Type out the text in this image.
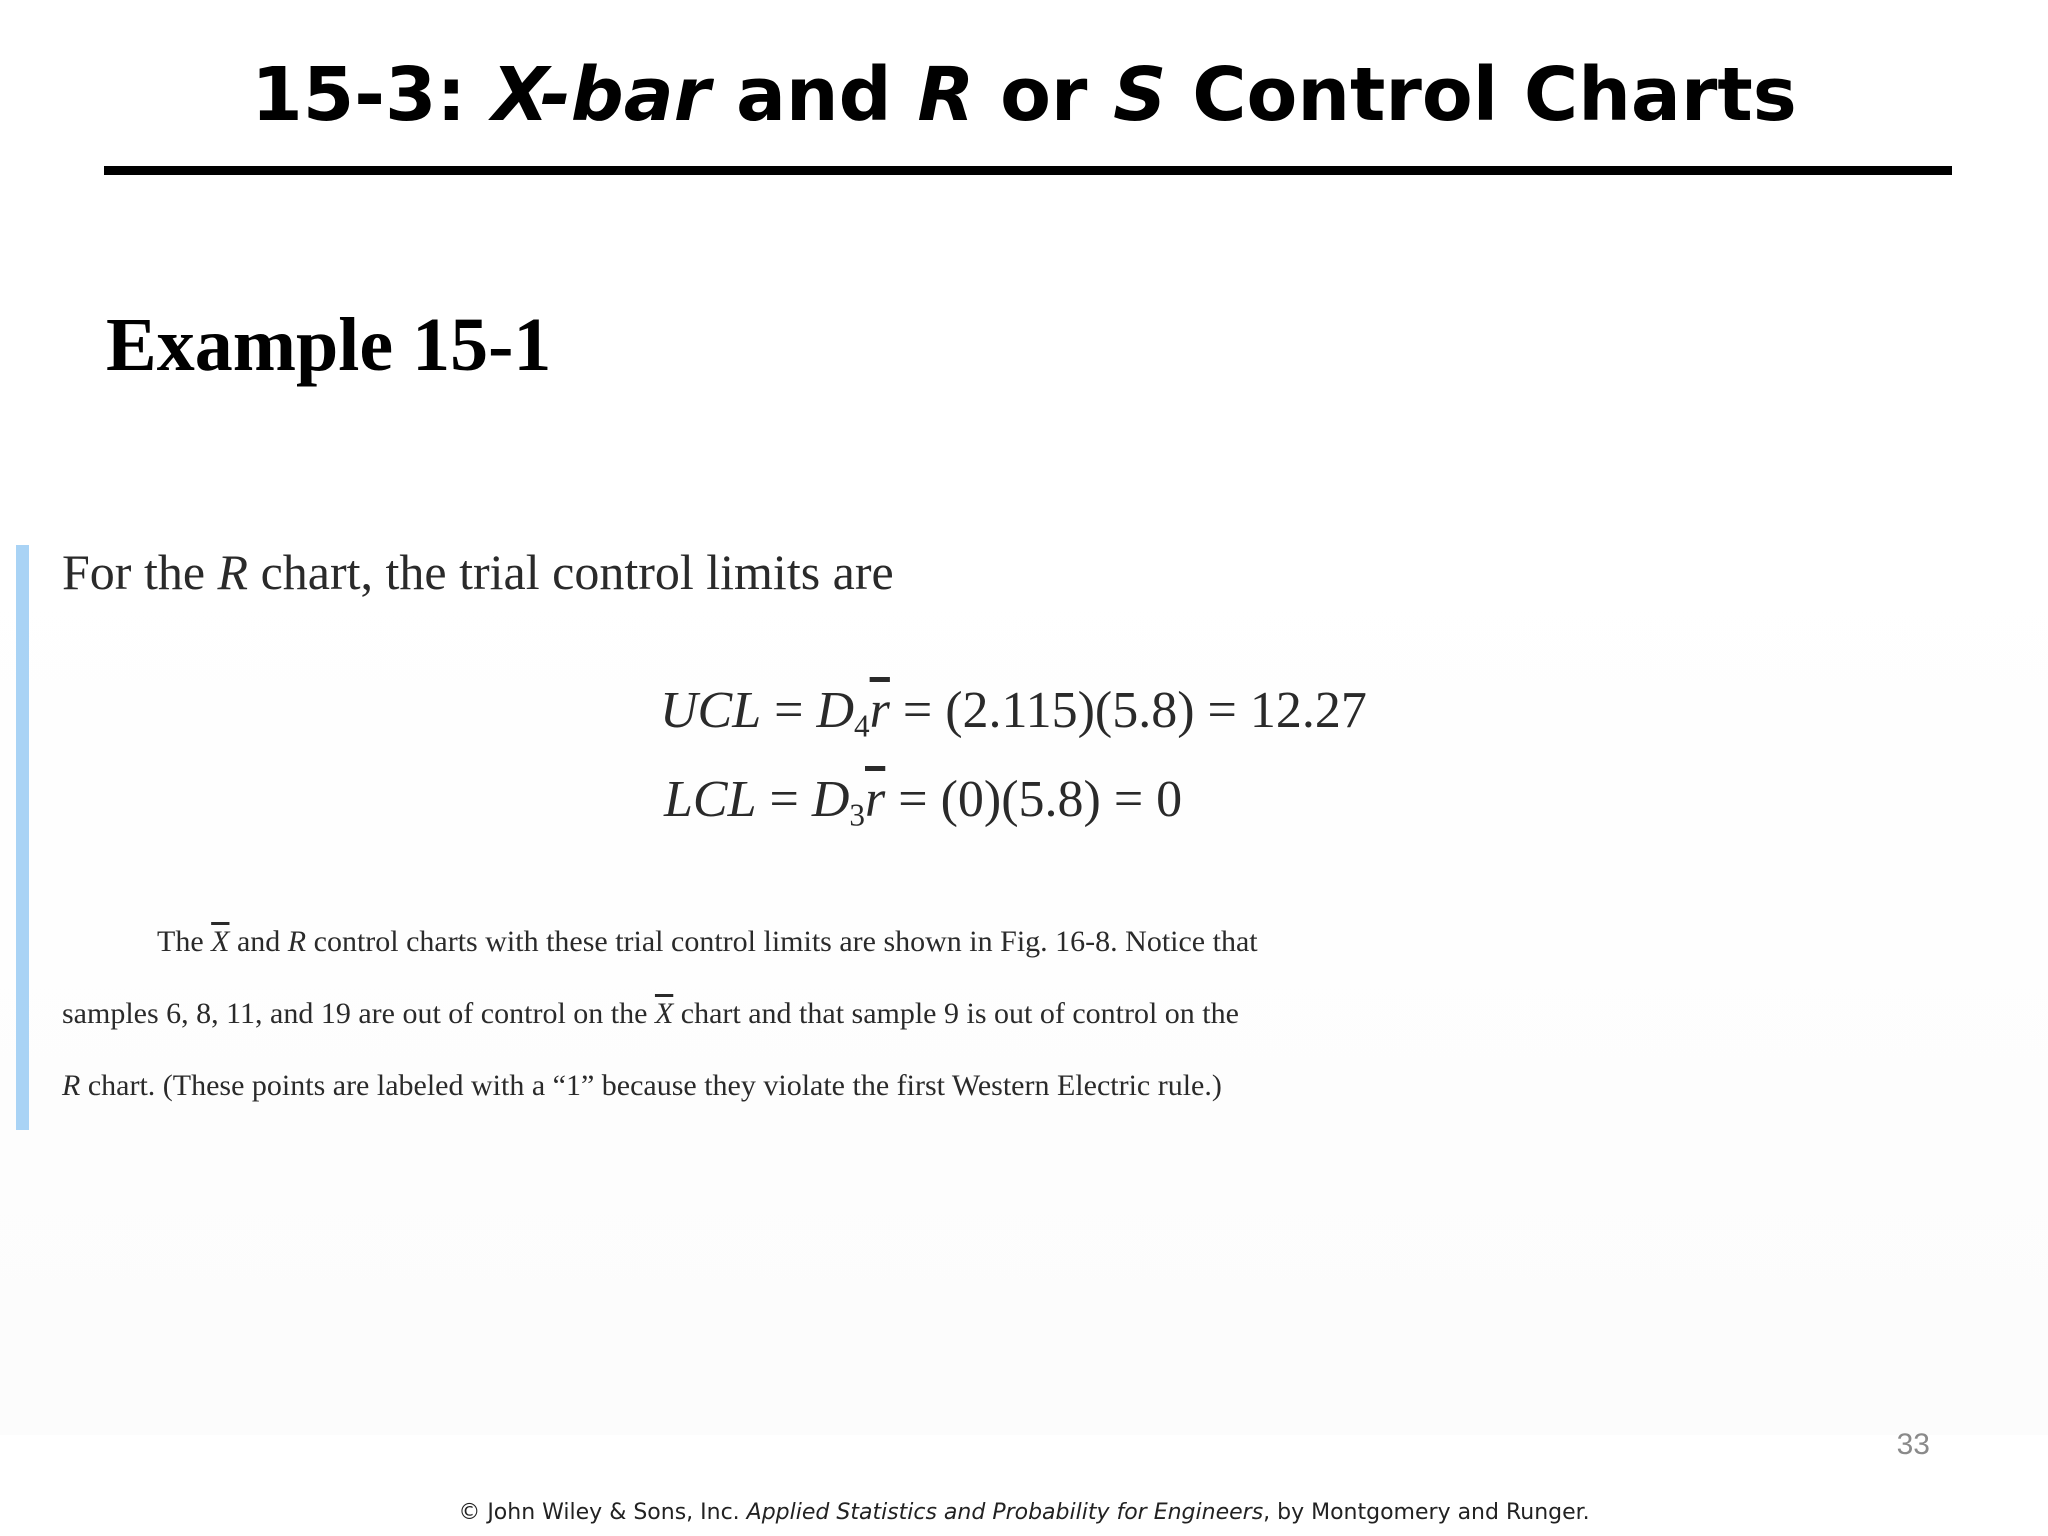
15-3: X-bar and R or S Control Charts
Example 15-1
For the R chart, the trial control limits are
UCL = $D_4\overline{r} = (2.115)(5.8) = 12.27$
LCL = $D_3\overline{r} = (0)(5.8) = 0$
The $\overline{X}$ and R control charts with these trial control limits are shown in Fig. 16-8. Notice that
samples 6, 8, 11, and 19 are out of control on the $\overline{X}$ chart and that sample 9 is out of control on the
R chart. (These points are labeled with a “1” because they violate the first Western Electric rule.)
33
© John Wiley & Sons, Inc. Applied Statistics and Probability for Engineers, by Montgomery and Runger.
